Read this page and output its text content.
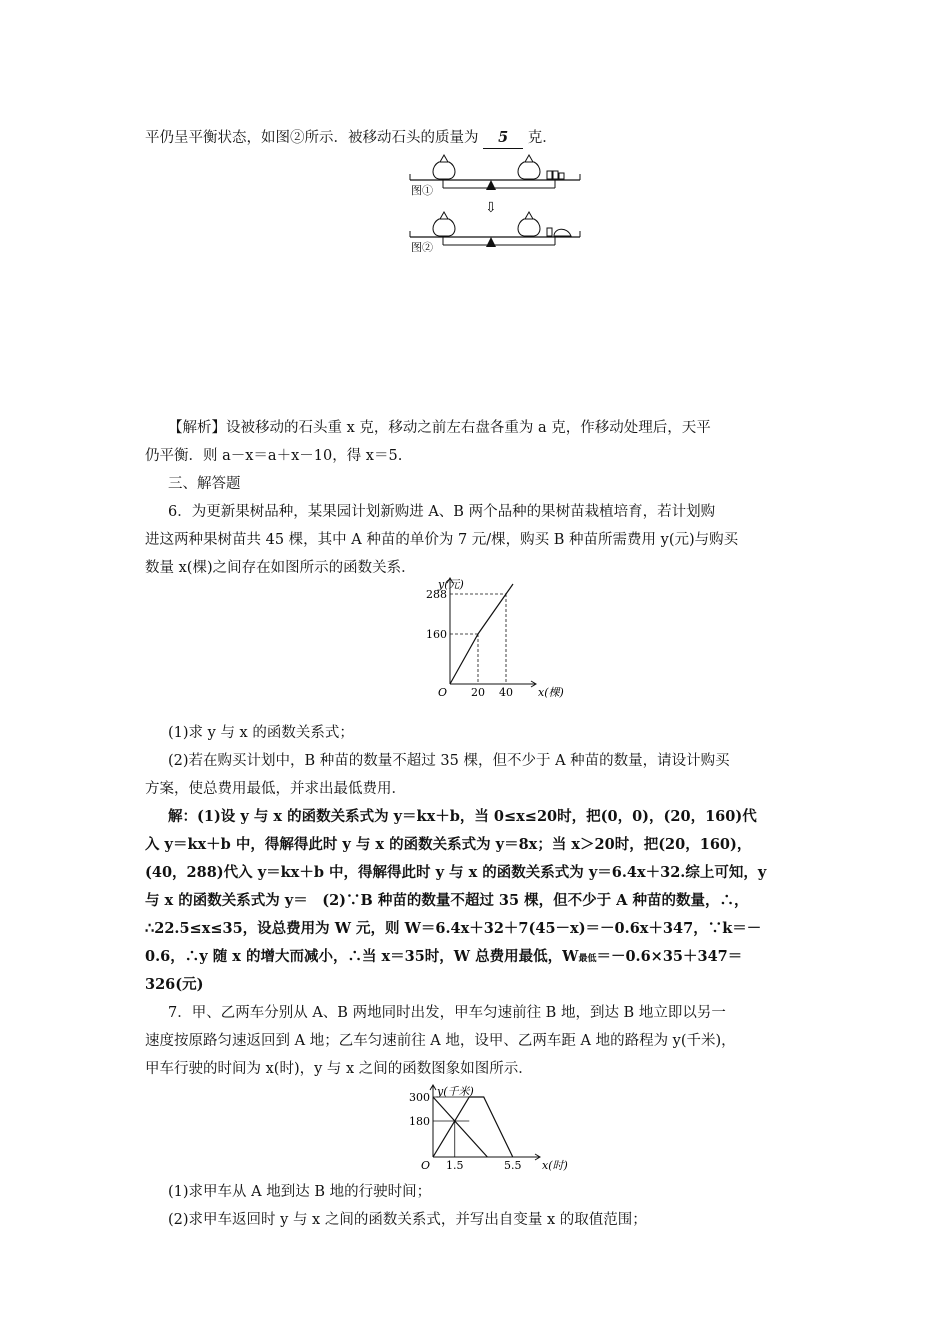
平仍呈平衡状态，如图②所示．被移动石头的质量为 5 克．
图①
⇩
图②
【解析】设被移动的石头重 x 克，移动之前左右盘各重为 a 克，作移动处理后，天平
仍平衡．则 a－x＝a＋x－10，得 x＝5.
三、解答题
6．为更新果树品种，某果园计划新购进 A、B 两个品种的果树苗栽植培育，若计划购
进这两种果树苗共 45 棵，其中 A 种苗的单价为 7 元/棵，购买 B 种苗所需费用 y(元)与购买
数量 x(棵)之间存在如图所示的函数关系．
x(棵)
y(元)
O 20 40
160
288
(1)求 y 与 x 的函数关系式；
(2)若在购买计划中，B 种苗的数量不超过 35 棵，但不少于 A 种苗的数量，请设计购买
方案，使总费用最低，并求出最低费用．
解：(1)设 y 与 x 的函数关系式为 y＝kx＋b，当 0≤x≤20时，把(0，0)，(20，160)代
入 y＝kx＋b 中，得解得此时 y 与 x 的函数关系式为 y＝8x；当 x＞20时，把(20，160)，
(40，288)代入 y＝kx＋b 中，得解得此时 y 与 x 的函数关系式为 y＝6.4x＋32.综上可知，y
与 x 的函数关系式为 y＝　(2)∵B 种苗的数量不超过 35 棵，但不少于 A 种苗的数量，∴，
∴22.5≤x≤35，设总费用为 W 元，则 W＝6.4x＋32＋7(45－x)＝－0.6x＋347，∵k＝－
0.6，∴y 随 x 的增大而减小，∴当 x＝35时，W 总费用最低，W最低＝－0.6×35＋347＝
326(元)
7．甲、乙两车分别从 A、B 两地同时出发，甲车匀速前往 B 地，到达 B 地立即以另一
速度按原路匀速返回到 A 地；乙车匀速前往 A 地，设甲、乙两车距 A 地的路程为 y(千米)，
甲车行驶的时间为 x(时)，y 与 x 之间的函数图象如图所示．
x(时)
y(千米)
O 1.5	5.5
180
300
(1)求甲车从 A 地到达 B 地的行驶时间；
(2)求甲车返回时 y 与 x 之间的函数关系式，并写出自变量 x 的取值范围；
